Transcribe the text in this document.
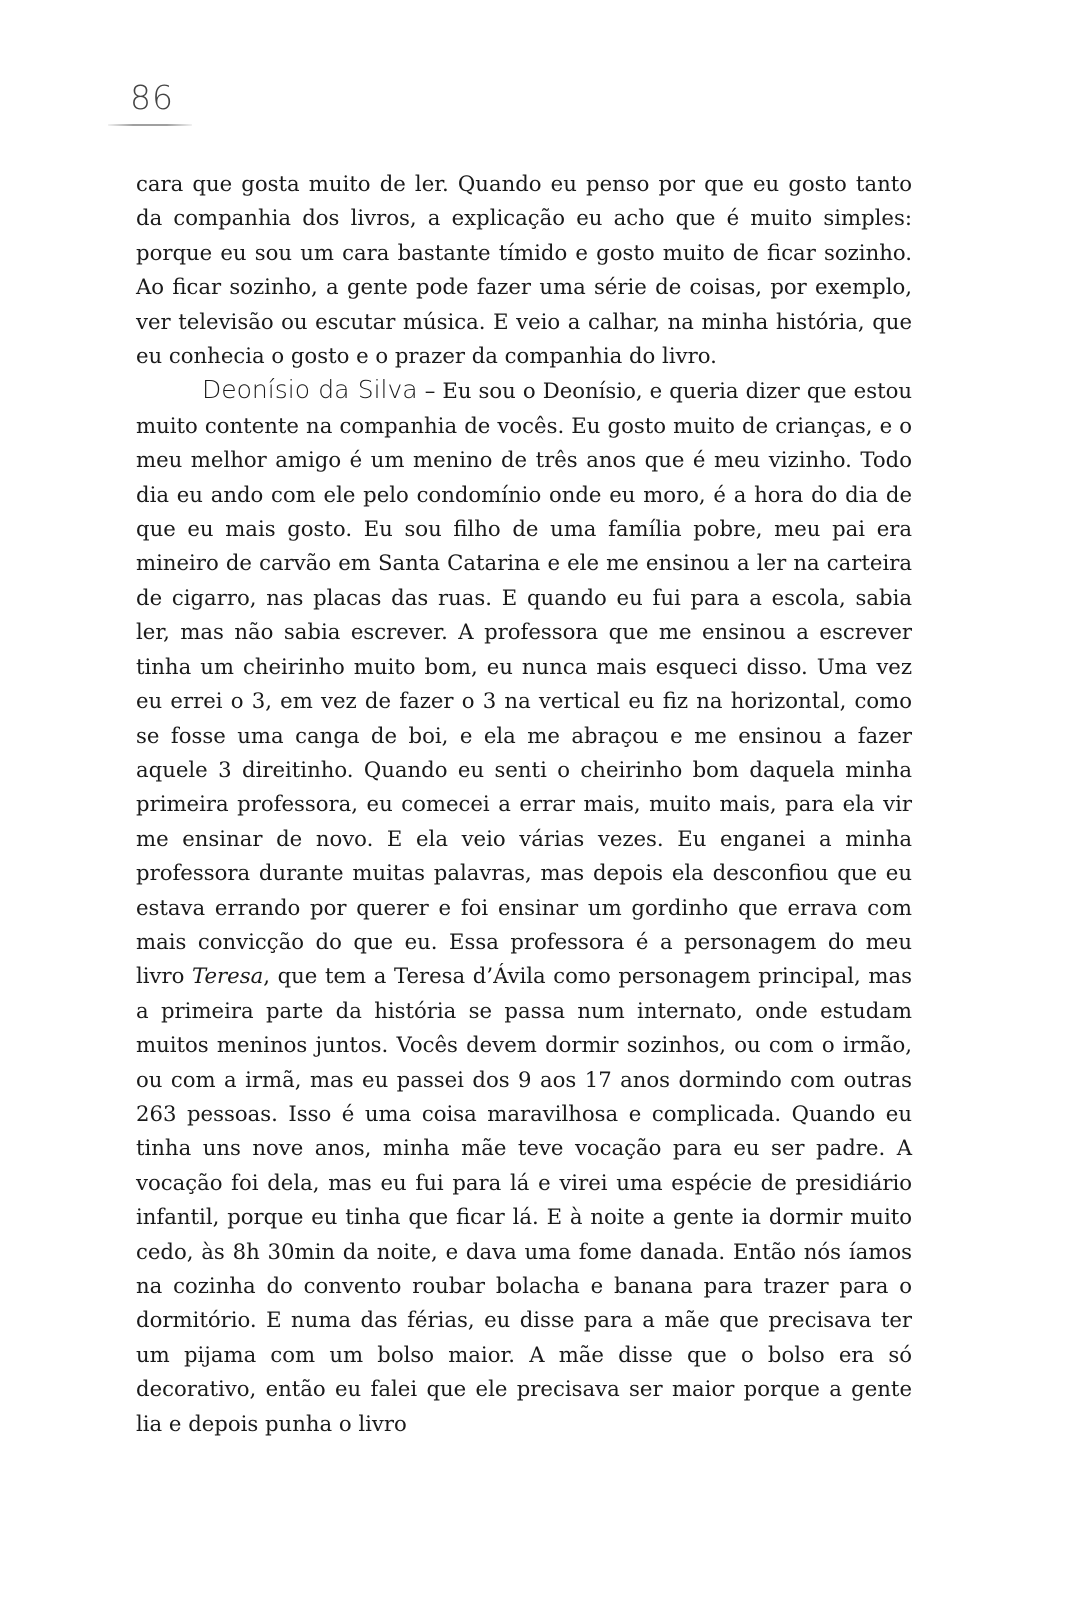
86

cara que gosta muito de ler. Quando eu penso por que eu gosto tanto da companhia dos livros, a explicação eu acho que é muito simples: porque eu sou um cara bastante tímido e gosto muito de ficar sozinho. Ao ficar sozinho, a gente pode fazer uma série de coisas, por exemplo, ver televisão ou escutar música. E veio a calhar, na minha história, que eu conhecia o gosto e o prazer da companhia do livro.

Deonísio da Silva – Eu sou o Deonísio, e queria dizer que estou muito contente na companhia de vocês. Eu gosto muito de crianças, e o meu melhor amigo é um menino de três anos que é meu vizinho. Todo dia eu ando com ele pelo condomínio onde eu moro, é a hora do dia de que eu mais gosto. Eu sou filho de uma família pobre, meu pai era mineiro de carvão em Santa Catarina e ele me ensinou a ler na carteira de cigarro, nas placas das ruas. E quando eu fui para a escola, sabia ler, mas não sabia escrever. A professora que me ensinou a escrever tinha um cheirinho muito bom, eu nunca mais esqueci disso. Uma vez eu errei o 3, em vez de fazer o 3 na vertical eu fiz na horizontal, como se fosse uma canga de boi, e ela me abraçou e me ensinou a fazer aquele 3 direitinho. Quando eu senti o cheirinho bom daquela minha primeira professora, eu comecei a errar mais, muito mais, para ela vir me ensinar de novo. E ela veio várias vezes. Eu enganei a minha professora durante muitas palavras, mas depois ela desconfiou que eu estava errando por querer e foi ensinar um gordinho que errava com mais convicção do que eu. Essa professora é a personagem do meu livro Teresa, que tem a Teresa d’Ávila como personagem principal, mas a primeira parte da história se passa num internato, onde estudam muitos meninos juntos. Vocês devem dormir sozinhos, ou com o irmão, ou com a irmã, mas eu passei dos 9 aos 17 anos dormindo com outras 263 pessoas. Isso é uma coisa maravilhosa e complicada. Quando eu tinha uns nove anos, minha mãe teve vocação para eu ser padre. A vocação foi dela, mas eu fui para lá e virei uma espécie de presidiário infantil, porque eu tinha que ficar lá. E à noite a gente ia dormir muito cedo, às 8h 30min da noite, e dava uma fome danada. Então nós íamos na cozinha do convento roubar bolacha e banana para trazer para o dormitório. E numa das férias, eu disse para a mãe que precisava ter um pijama com um bolso maior. A mãe disse que o bolso era só decorativo, então eu falei que ele precisava ser maior porque a gente lia e depois punha o livro
